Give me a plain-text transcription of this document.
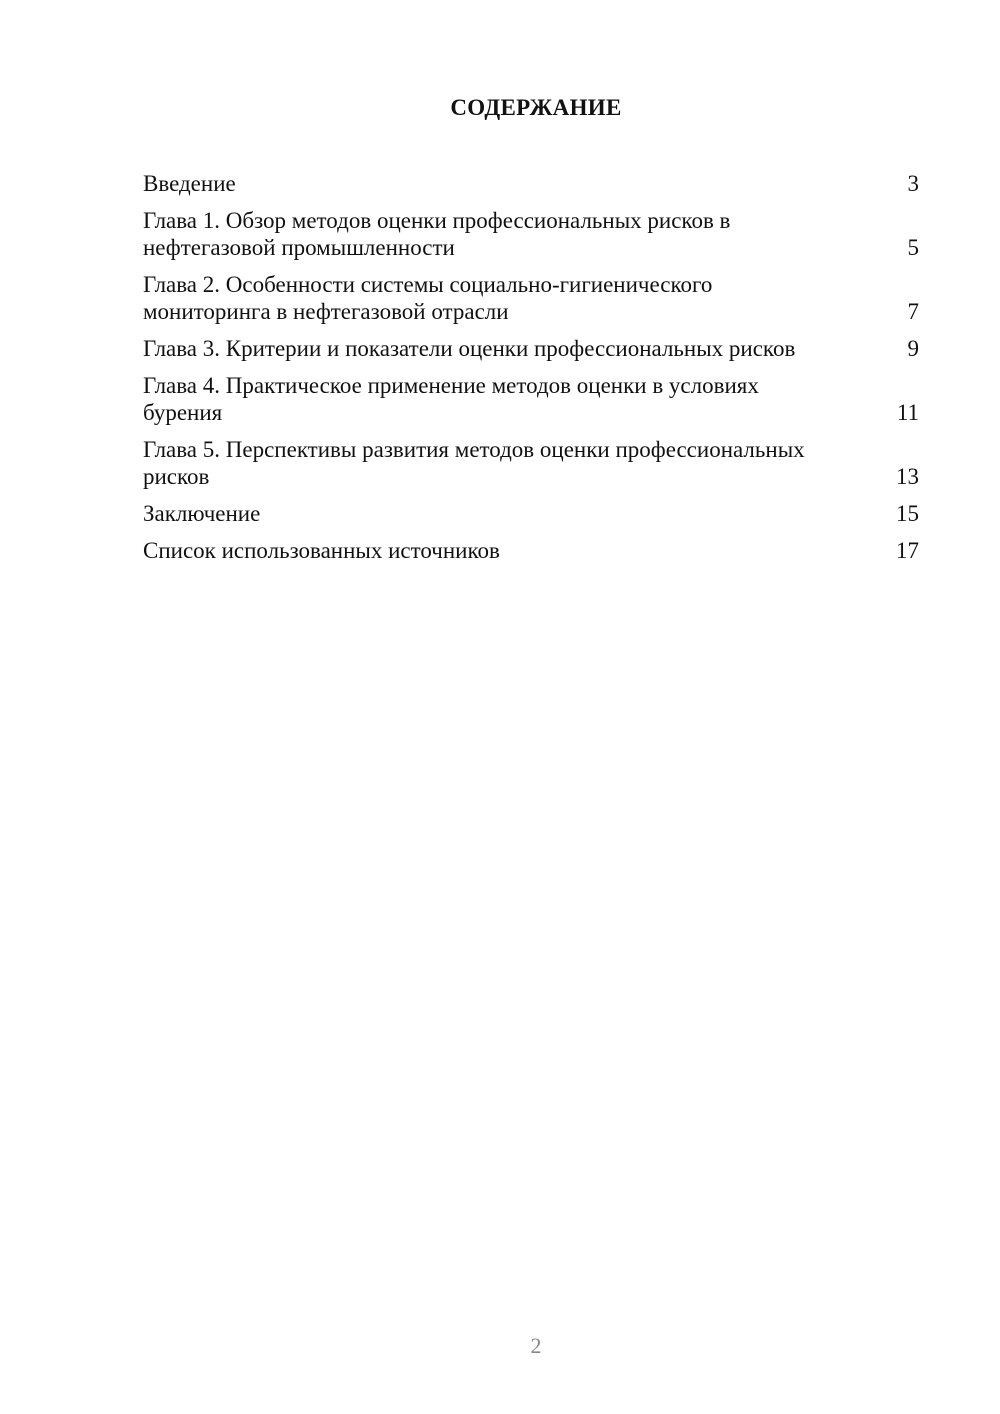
СОДЕРЖАНИЕ
Введение	3
Глава 1. Обзор методов оценки профессиональных рисков в нефтегазовой промышленности	5
Глава 2. Особенности системы социально-гигиенического мониторинга в нефтегазовой отрасли	7
Глава 3. Критерии и показатели оценки профессиональных рисков	9
Глава 4. Практическое применение методов оценки в условиях бурения	11
Глава 5. Перспективы развития методов оценки профессиональных рисков	13
Заключение	15
Список использованных источников	17
2
